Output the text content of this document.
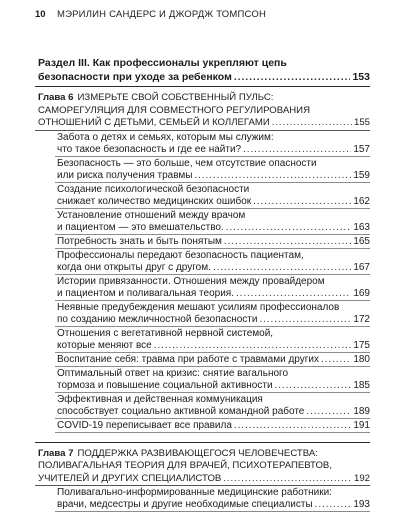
10	МЭРИЛИН САНДЕРС И ДЖОРДЖ ТОМПСОН
Раздел III. Как профессионалы укрепляют цепь
безопасности при уходе за ребенком .....	153
Глава 6 ИЗМЕРЬТЕ СВОЙ СОБСТВЕННЫЙ ПУЛЬС:
САМОРЕГУЛЯЦИЯ ДЛЯ СОВМЕСТНОГО РЕГУЛИРОВАНИЯ
ОТНОШЕНИЙ С ДЕТЬМИ, СЕМЬЕЙ И КОЛЛЕГАМИ .....	155
Забота о детях и семьях, которым мы служим:
что такое безопасность и где ее найти? .....	157
Безопасность — это больше, чем отсутствие опасности
или риска получения травмы .....	159
Создание психологической безопасности
снижает количество медицинских ошибок .....	162
Установление отношений между врачом
и пациентом — это вмешательство. .....	163
Потребность знать и быть понятым .....	165
Профессионалы передают безопасность пациентам,
когда они открыты друг с другом. .....	167
Истории привязанности. Отношения между провайдером
и пациентом и поливагальная теория. .....	169
Неявные предубеждения мешают усилиям профессионалов
по созданию межличностной безопасности .....	172
Отношения с вегетативной нервной системой,
которые меняют все .....	175
Воспитание себя: травма при работе с травмами других .....	180
Оптимальный ответ на кризис: снятие вагального
тормоза и повышение социальной активности .....	185
Эффективная и действенная коммуникация
способствует социально активной командной работе .....	189
COVID-19 переписывает все правила .....	191
Глава 7 ПОДДЕРЖКА РАЗВИВАЮЩЕГОСЯ ЧЕЛОВЕЧЕСТВА:
ПОЛИВАГАЛЬНАЯ ТЕОРИЯ ДЛЯ ВРАЧЕЙ, ПСИХОТЕРАПЕВТОВ,
УЧИТЕЛЕЙ И ДРУГИХ СПЕЦИАЛИСТОВ .....	192
Поливагально-информированные медицинские работники:
врачи, медсестры и другие необходимые специалисты .....	193
